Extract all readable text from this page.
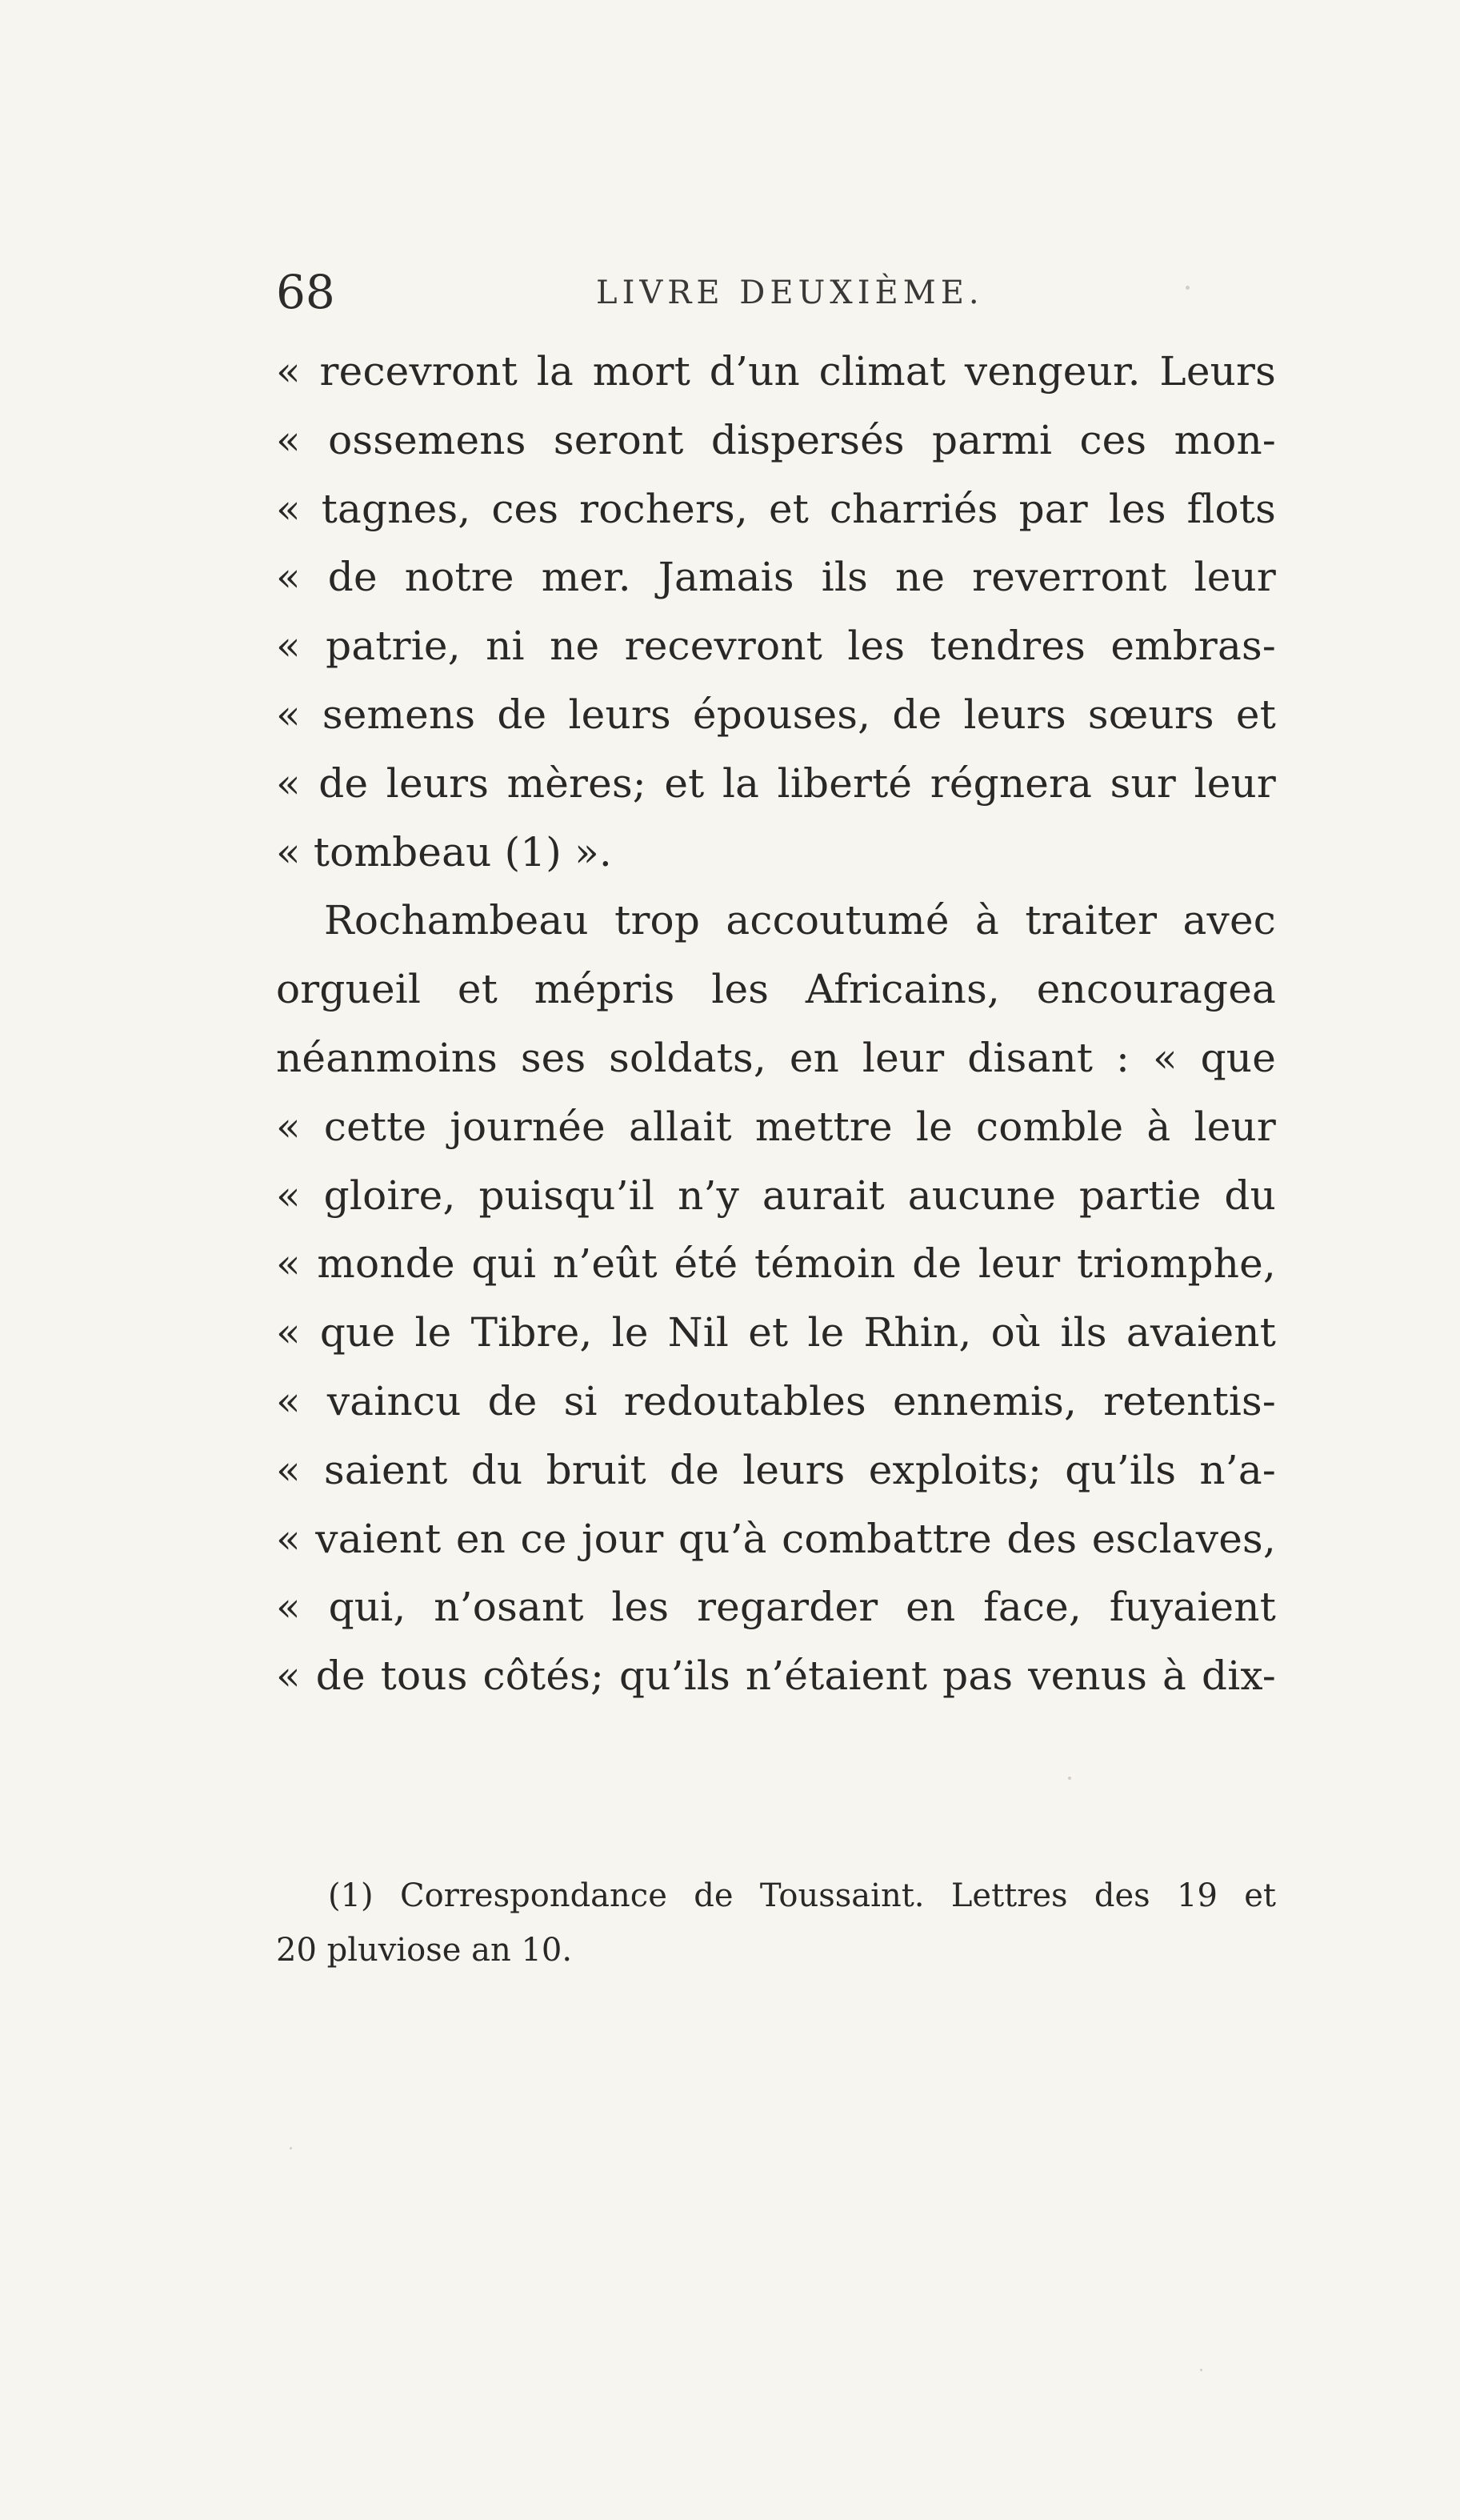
68	LIVRE DEUXIÈME.
« recevront la mort d’un climat vengeur. Leurs
« ossemens seront dispersés parmi ces mon-
« tagnes, ces rochers, et charriés par les flots
« de notre mer. Jamais ils ne reverront leur
« patrie, ni ne recevront les tendres embras-
« semens de leurs épouses, de leurs sœurs et
« de leurs mères; et la liberté régnera sur leur
« tombeau (1) ».
Rochambeau trop accoutumé à traiter avec
orgueil et mépris les Africains, encouragea
néanmoins ses soldats, en leur disant : « que
« cette journée allait mettre le comble à leur
« gloire, puisqu’il n’y aurait aucune partie du
« monde qui n’eût été témoin de leur triomphe,
« que le Tibre, le Nil et le Rhin, où ils avaient
« vaincu de si redoutables ennemis, retentis-
« saient du bruit de leurs exploits; qu’ils n’a-
« vaient en ce jour qu’à combattre des esclaves,
« qui, n’osant les regarder en face, fuyaient
« de tous côtés; qu’ils n’étaient pas venus à dix-
(1) Correspondance de Toussaint. Lettres des 19 et
20 pluviose an 10.
